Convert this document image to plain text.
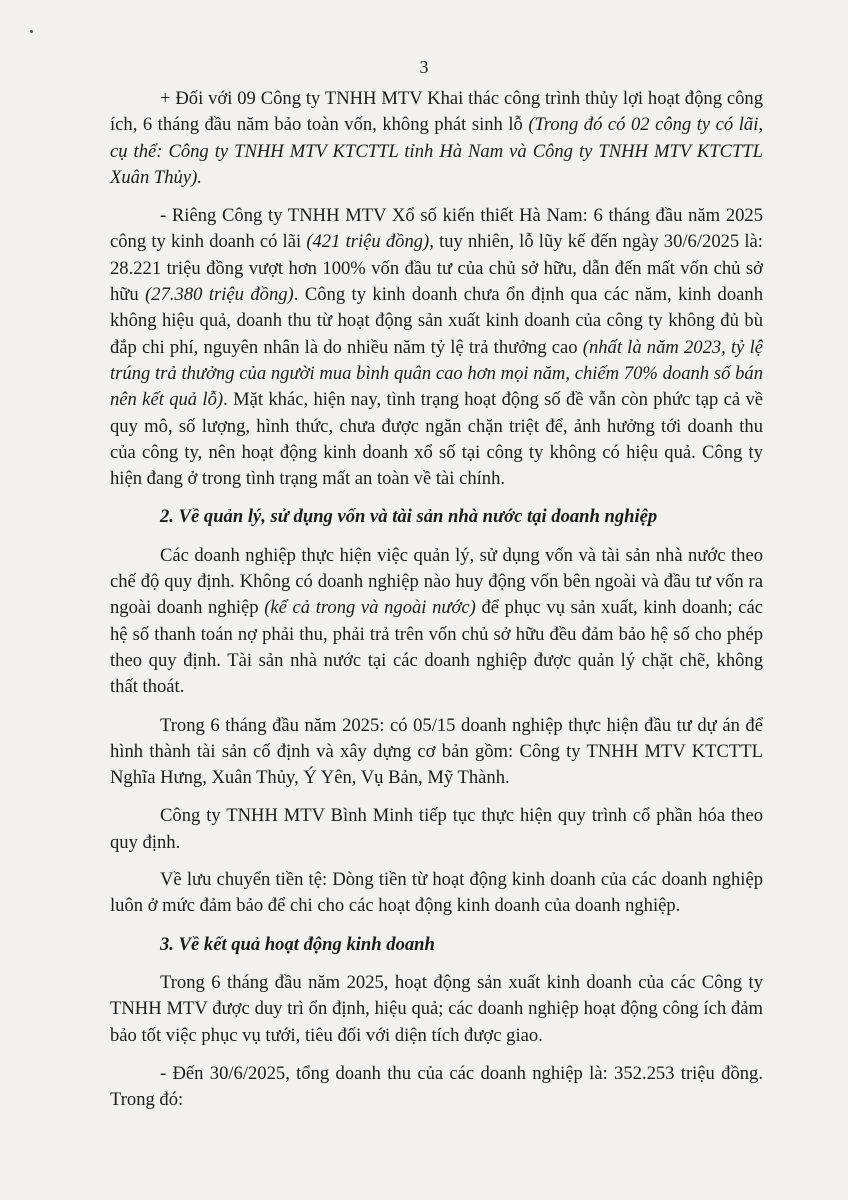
3

+ Đối với 09 Công ty TNHH MTV Khai thác công trình thủy lợi hoạt động công ích, 6 tháng đầu năm bảo toàn vốn, không phát sinh lỗ (Trong đó có 02 công ty có lãi, cụ thể: Công ty TNHH MTV KTCTTL tỉnh Hà Nam và Công ty TNHH MTV KTCTTL Xuân Thủy).

- Riêng Công ty TNHH MTV Xổ số kiến thiết Hà Nam: 6 tháng đầu năm 2025 công ty kinh doanh có lãi (421 triệu đồng), tuy nhiên, lỗ lũy kế đến ngày 30/6/2025 là: 28.221 triệu đồng vượt hơn 100% vốn đầu tư của chủ sở hữu, dẫn đến mất vốn chủ sở hữu (27.380 triệu đồng). Công ty kinh doanh chưa ổn định qua các năm, kinh doanh không hiệu quả, doanh thu từ hoạt động sản xuất kinh doanh của công ty không đủ bù đắp chi phí, nguyên nhân là do nhiều năm tỷ lệ trả thưởng cao (nhất là năm 2023, tỷ lệ trúng trả thưởng của người mua bình quân cao hơn mọi năm, chiếm 70% doanh số bán nên kết quả lỗ). Mặt khác, hiện nay, tình trạng hoạt động số đề vẫn còn phức tạp cả về quy mô, số lượng, hình thức, chưa được ngăn chặn triệt để, ảnh hưởng tới doanh thu của công ty, nên hoạt động kinh doanh xổ số tại công ty không có hiệu quả. Công ty hiện đang ở trong tình trạng mất an toàn về tài chính.

2. Về quản lý, sử dụng vốn và tài sản nhà nước tại doanh nghiệp

Các doanh nghiệp thực hiện việc quản lý, sử dụng vốn và tài sản nhà nước theo chế độ quy định. Không có doanh nghiệp nào huy động vốn bên ngoài và đầu tư vốn ra ngoài doanh nghiệp (kể cả trong và ngoài nước) để phục vụ sản xuất, kinh doanh; các hệ số thanh toán nợ phải thu, phải trả trên vốn chủ sở hữu đều đảm bảo hệ số cho phép theo quy định. Tài sản nhà nước tại các doanh nghiệp được quản lý chặt chẽ, không thất thoát.

Trong 6 tháng đầu năm 2025: có 05/15 doanh nghiệp thực hiện đầu tư dự án để hình thành tài sản cố định và xây dựng cơ bản gồm: Công ty TNHH MTV KTCTTL Nghĩa Hưng, Xuân Thủy, Ý Yên, Vụ Bản, Mỹ Thành.

Công ty TNHH MTV Bình Minh tiếp tục thực hiện quy trình cổ phần hóa theo quy định.

Về lưu chuyển tiền tệ: Dòng tiền từ hoạt động kinh doanh của các doanh nghiệp luôn ở mức đảm bảo để chi cho các hoạt động kinh doanh của doanh nghiệp.

3. Về kết quả hoạt động kinh doanh

Trong 6 tháng đầu năm 2025, hoạt động sản xuất kinh doanh của các Công ty TNHH MTV được duy trì ổn định, hiệu quả; các doanh nghiệp hoạt động công ích đảm bảo tốt việc phục vụ tưới, tiêu đối với diện tích được giao.

- Đến 30/6/2025, tổng doanh thu của các doanh nghiệp là: 352.253 triệu đồng. Trong đó:
